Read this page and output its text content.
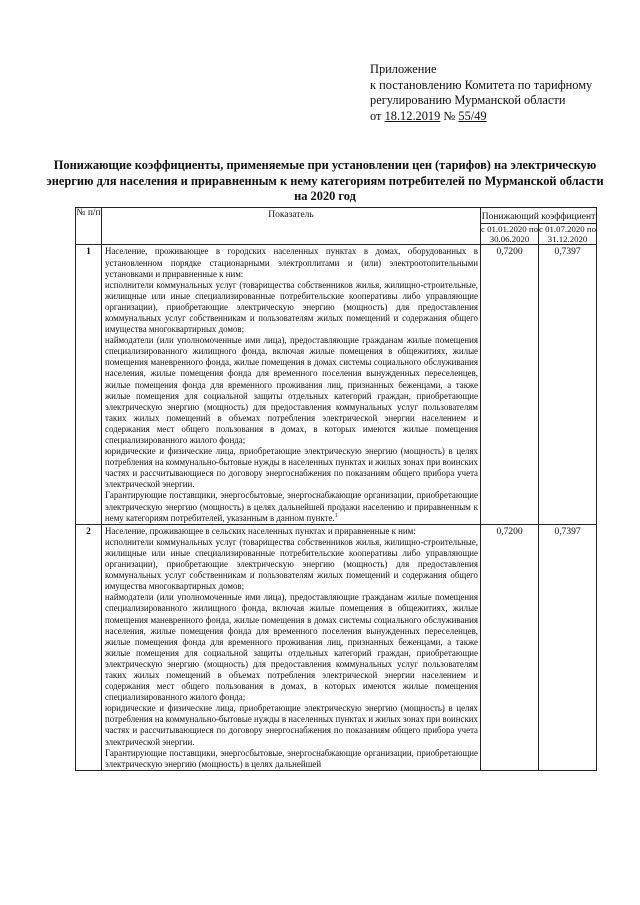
Приложение
к постановлению Комитета по тарифному
регулированию Мурманской области
от 18.12.2019 № 55/49
Понижающие коэффициенты, применяемые при установлении цен (тарифов) на электрическую энергию для населения и приравненным к нему категориям потребителей по Мурманской области на 2020 год
№ п/п	Показатель	Понижающий коэффициент	
		с 01.01.2020 по 30.06.2020	с 01.07.2020 по 31.12.2020
1	Население, проживающее в городских населенных пунктах в домах, оборудованных в установленном порядке стационарными электроплитами и (или) электроотопительными установками и приравненные к ним:

исполнители коммунальных услуг (товарищества собственников жилья, жилищно-строительные, жилищные или иные специализированные потребительские кооперативы либо управляющие организации), приобретающие электрическую энергию (мощность) для предоставления коммунальных услуг собственникам и пользователям жилых помещений и содержания общего имущества многоквартирных домов;

наймодатели (или уполномоченные ими лица), предоставляющие гражданам жилые помещения специализированного жилищного фонда, включая жилые помещения в общежитиях, жилые помещения маневренного фонда, жилые помещения в домах системы социального обслуживания населения, жилые помещения фонда для временного поселения вынужденных переселенцев, жилые помещения фонда для временного проживания лиц, признанных беженцами, а также жилые помещения для социальной защиты отдельных категорий граждан, приобретающие электрическую энергию (мощность) для предоставления коммунальных услуг пользователям таких жилых помещений в объемах потребления электрической энергии населением и содержания мест общего пользования в домах, в которых имеются жилые помещения специализированного жилого фонда;

юридические и физические лица, приобретающие электрическую энергию (мощность) в целях потребления на коммунально-бытовые нужды в населенных пунктах и жилых зонах при воинских частях и рассчитывающиеся по договору энергоснабжения по показаниям общего прибора учета электрической энергии.

Гарантирующие поставщики, энергосбытовые, энергоснабжающие организации, приобретающие электрическую энергию (мощность) в целях дальнейшей продажи населению и приравненным к нему категориям потребителей, указанным в данном пункте.$^1$	0,7200	0,7397
2	Население, проживающее в сельских населенных пунктах и приравненные к ним:

исполнители коммунальных услуг (товарищества собственников жилья, жилищно-строительные, жилищные или иные специализированные потребительские кооперативы либо управляющие организации), приобретающие электрическую энергию (мощность) для предоставления коммунальных услуг собственникам и пользователям жилых помещений и содержания общего имущества многоквартирных домов;

наймодатели (или уполномоченные ими лица), предоставляющие гражданам жилые помещения специализированного жилищного фонда, включая жилые помещения в общежитиях, жилые помещения маневренного фонда, жилые помещения в домах системы социального обслуживания населения, жилые помещения фонда для временного поселения вынужденных переселенцев, жилые помещения фонда для временного проживания лиц, признанных беженцами, а также жилые помещения для социальной защиты отдельных категорий граждан, приобретающие электрическую энергию (мощность) для предоставления коммунальных услуг пользователям таких жилых помещений в объемах потребления электрической энергии населением и содержания мест общего пользования в домах, в которых имеются жилые помещения специализированного жилого фонда;

юридические и физические лица, приобретающие электрическую энергию (мощность) в целях потребления на коммунально-бытовые нужды в населенных пунктах и жилых зонах при воинских частях и рассчитывающиеся по договору энергоснабжения по показаниям общего прибора учета электрической энергии.

Гарантирующие поставщики, энергосбытовые, энергоснабжающие организации, приобретающие электрическую энергию (мощность) в целях дальнейшей	0,7200	0,7397
